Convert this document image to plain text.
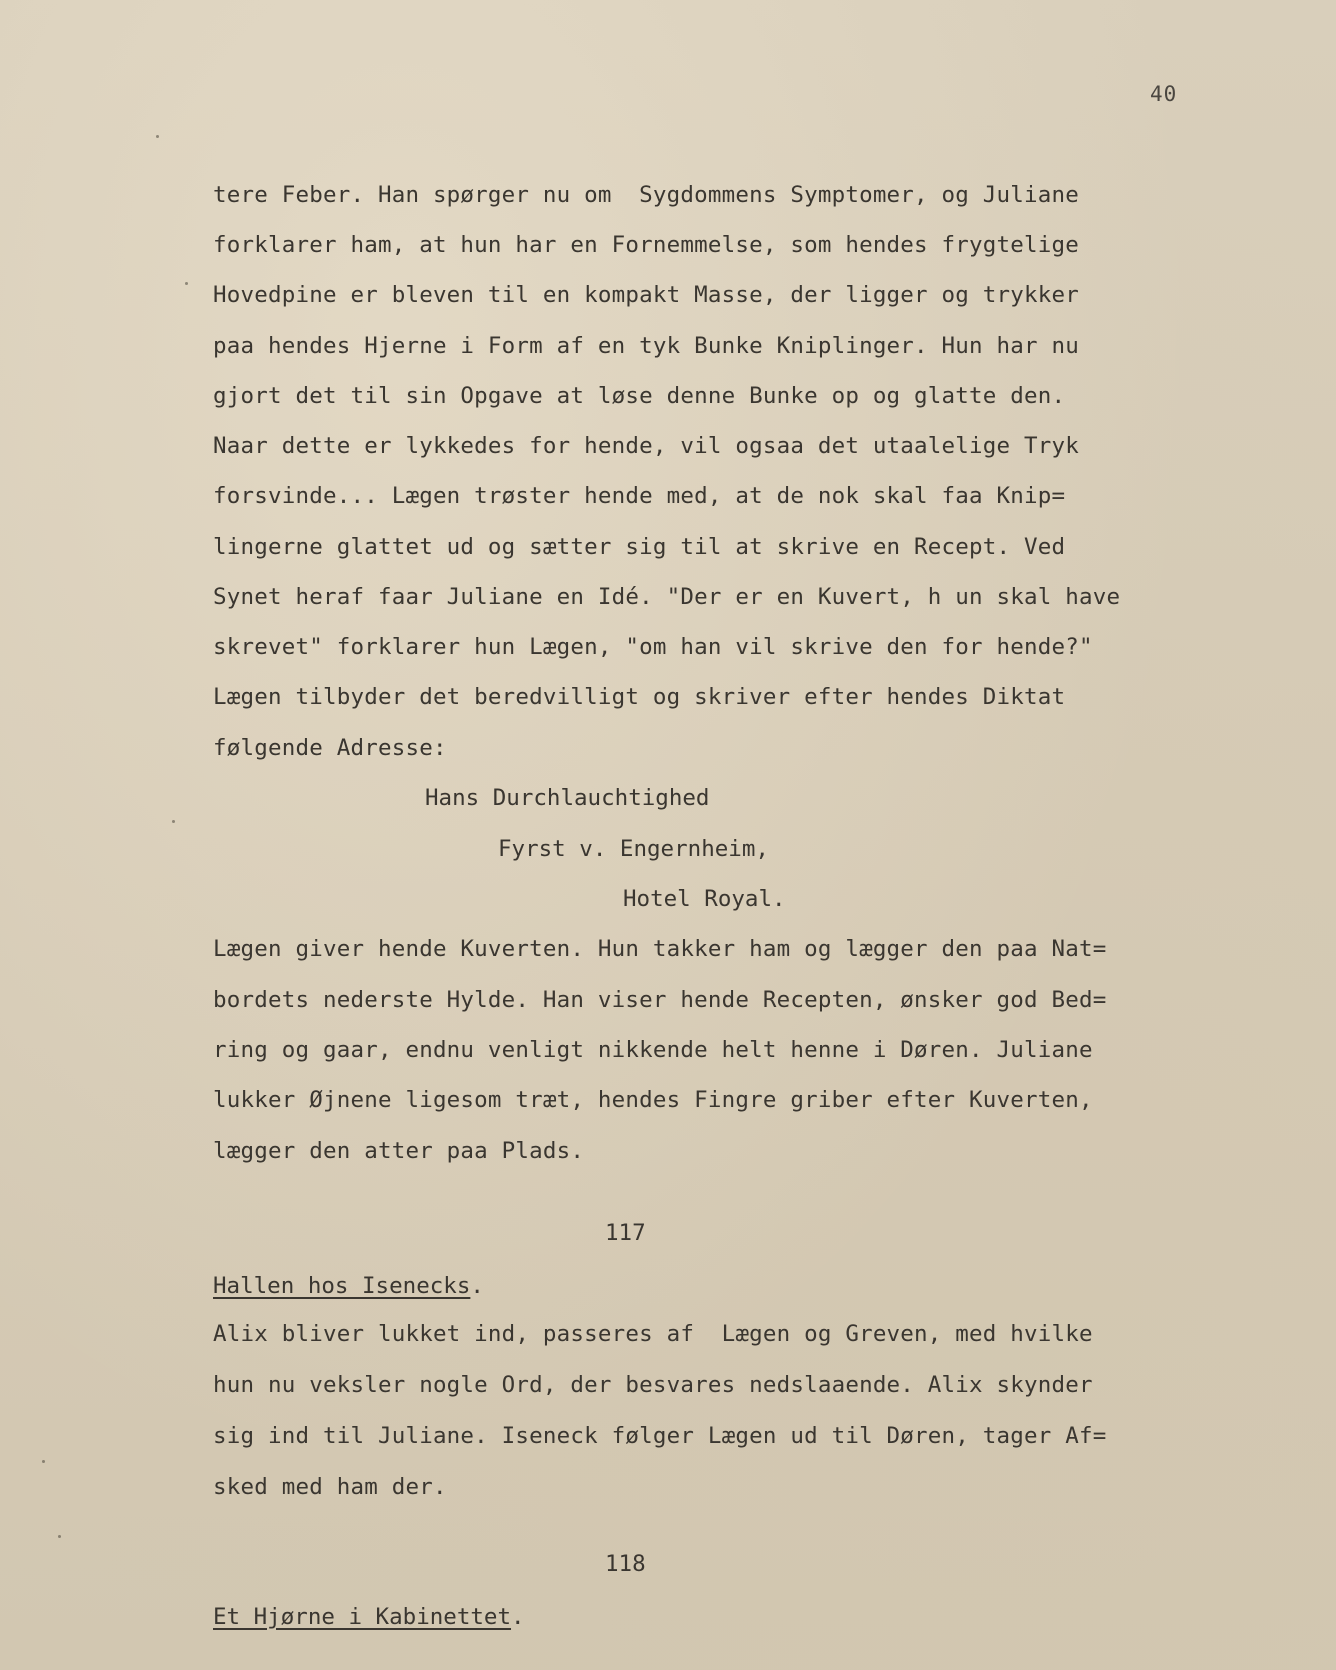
40
tere Feber. Han spørger nu om  Sygdommens Symptomer, og Juliane
forklarer ham, at hun har en Fornemmelse, som hendes frygtelige
Hovedpine er bleven til en kompakt Masse, der ligger og trykker
paa hendes Hjerne i Form af en tyk Bunke Kniplinger. Hun har nu
gjort det til sin Opgave at løse denne Bunke op og glatte den.
Naar dette er lykkedes for hende, vil ogsaa det utaalelige Tryk
forsvinde... Lægen trøster hende med, at de nok skal faa Knip=
lingerne glattet ud og sætter sig til at skrive en Recept. Ved
Synet heraf faar Juliane en Idé. "Der er en Kuvert, h un skal have
skrevet" forklarer hun Lægen, "om han vil skrive den for hende?"
Lægen tilbyder det beredvilligt og skriver efter hendes Diktat
følgende Adresse:
Hans Durchlauchtighed
Fyrst v. Engernheim,
Hotel Royal.
Lægen giver hende Kuverten. Hun takker ham og lægger den paa Nat=
bordets nederste Hylde. Han viser hende Recepten, ønsker god Bed=
ring og gaar, endnu venligt nikkende helt henne i Døren. Juliane
lukker Øjnene ligesom træt, hendes Fingre griber efter Kuverten,
lægger den atter paa Plads.
117
Hallen hos Isenecks.
Alix bliver lukket ind, passeres af  Lægen og Greven, med hvilke
hun nu veksler nogle Ord, der besvares nedslaaende. Alix skynder
sig ind til Juliane. Iseneck følger Lægen ud til Døren, tager Af=
sked med ham der.
118
Et Hjørne i Kabinettet.
